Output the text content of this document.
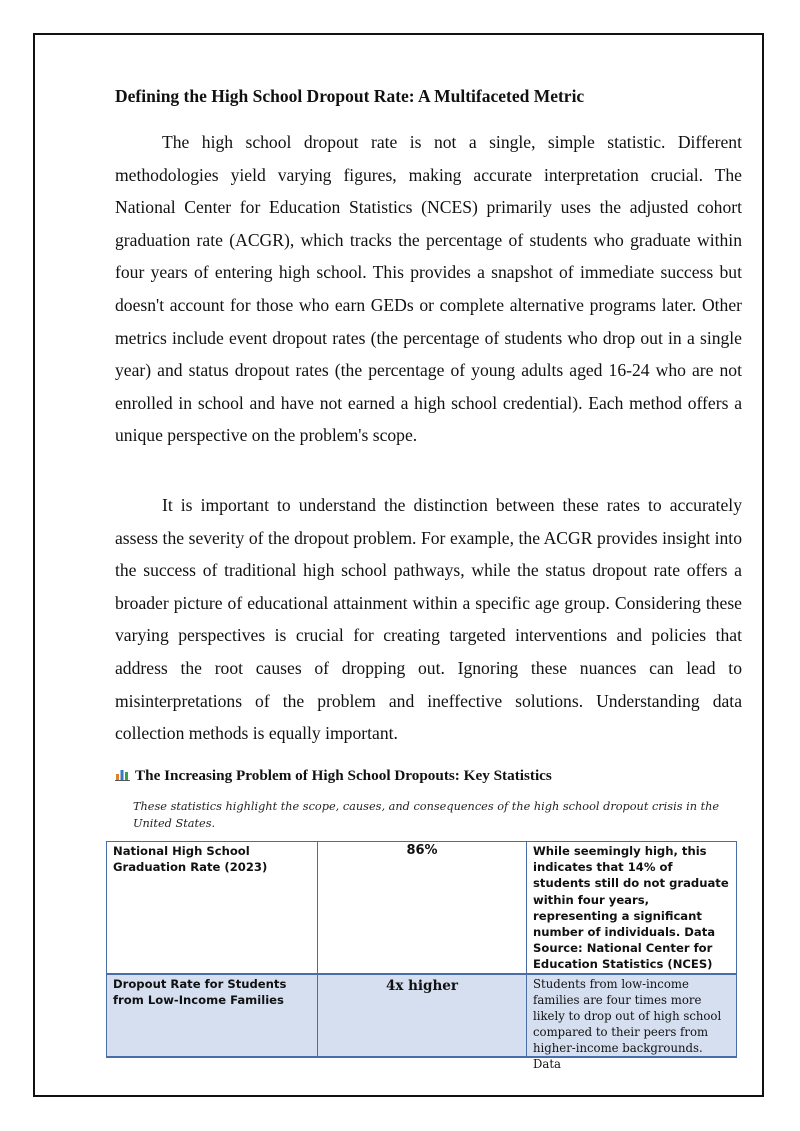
Defining the High School Dropout Rate: A Multifaceted Metric

The high school dropout rate is not a single, simple statistic. Different methodologies yield varying figures, making accurate interpretation crucial. The National Center for Education Statistics (NCES) primarily uses the adjusted cohort graduation rate (ACGR), which tracks the percentage of students who graduate within four years of entering high school. This provides a snapshot of immediate success but doesn't account for those who earn GEDs or complete alternative programs later. Other metrics include event dropout rates (the percentage of students who drop out in a single year) and status dropout rates (the percentage of young adults aged 16-24 who are not enrolled in school and have not earned a high school credential). Each method offers a unique perspective on the problem's scope.

It is important to understand the distinction between these rates to accurately assess the severity of the dropout problem. For example, the ACGR provides insight into the success of traditional high school pathways, while the status dropout rate offers a broader picture of educational attainment within a specific age group. Considering these varying perspectives is crucial for creating targeted interventions and policies that address the root causes of dropping out. Ignoring these nuances can lead to misinterpretations of the problem and ineffective solutions. Understanding data collection methods is equally important.

The Increasing Problem of High School Dropouts: Key Statistics

These statistics highlight the scope, causes, and consequences of the high school dropout crisis in the United States.

National High School Graduation Rate (2023)	86%	While seemingly high, this indicates that 14% of students still do not graduate within four years, representing a significant number of individuals. Data Source: National Center for Education Statistics (NCES)
Dropout Rate for Students from Low-Income Families	4x higher	Students from low-income families are four times more likely to drop out of high school compared to their peers from higher-income backgrounds. Data
